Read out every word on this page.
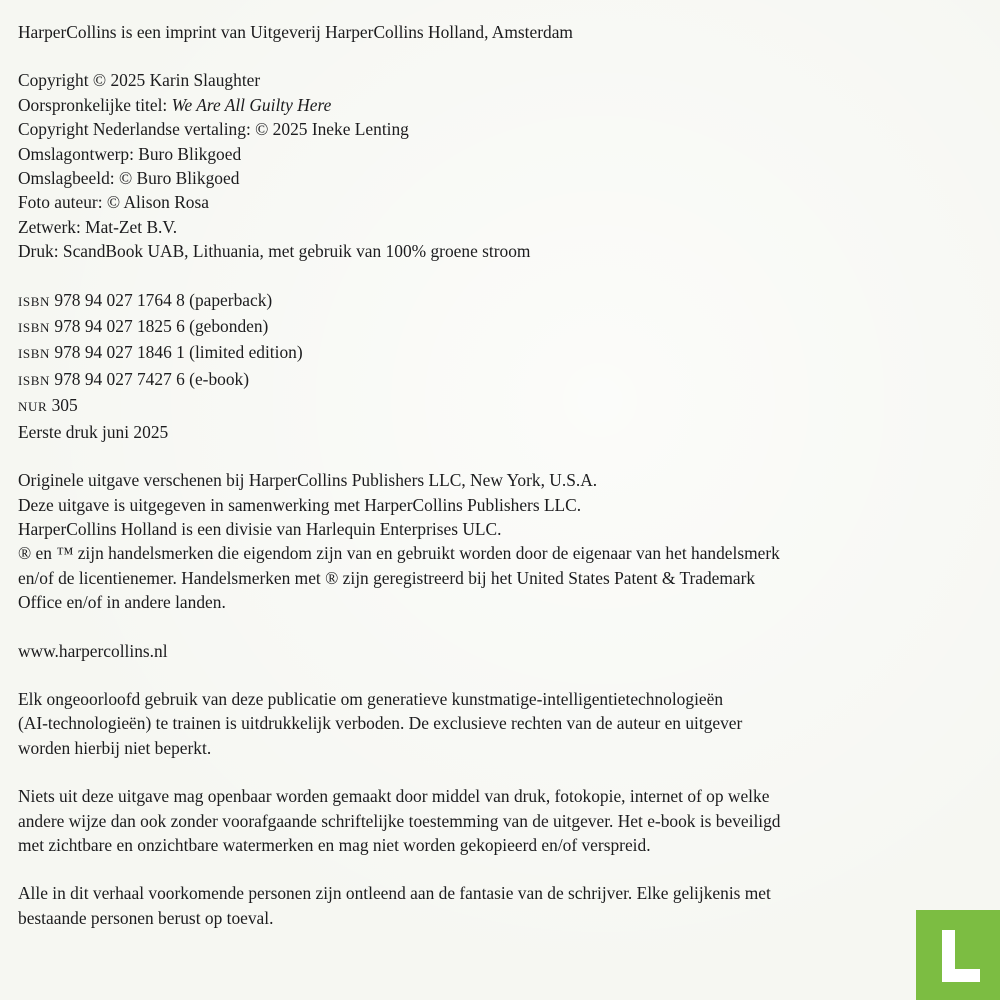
HarperCollins is een imprint van Uitgeverij HarperCollins Holland, Amsterdam
Copyright © 2025 Karin Slaughter
Oorspronkelijke titel: We Are All Guilty Here
Copyright Nederlandse vertaling: © 2025 Ineke Lenting
Omslagontwerp: Buro Blikgoed
Omslagbeeld: © Buro Blikgoed
Foto auteur: © Alison Rosa
Zetwerk: Mat-Zet B.V.
Druk: ScandBook UAB, Lithuania, met gebruik van 100% groene stroom
ISBN 978 94 027 1764 8 (paperback)
ISBN 978 94 027 1825 6 (gebonden)
ISBN 978 94 027 1846 1 (limited edition)
ISBN 978 94 027 7427 6 (e-book)
NUR 305
Eerste druk juni 2025
Originele uitgave verschenen bij HarperCollins Publishers LLC, New York, U.S.A.
Deze uitgave is uitgegeven in samenwerking met HarperCollins Publishers LLC.
HarperCollins Holland is een divisie van Harlequin Enterprises ULC.
® en ™ zijn handelsmerken die eigendom zijn van en gebruikt worden door de eigenaar van het handelsmerk
en/of de licentienemer. Handelsmerken met ® zijn geregistreerd bij het United States Patent & Trademark
Office en/of in andere landen.
www.harpercollins.nl
Elk ongeoorloofd gebruik van deze publicatie om generatieve kunstmatige-intelligentietechnologieën
(AI-technologieën) te trainen is uitdrukkelijk verboden. De exclusieve rechten van de auteur en uitgever
worden hierbij niet beperkt.
Niets uit deze uitgave mag openbaar worden gemaakt door middel van druk, fotokopie, internet of op welke
andere wijze dan ook zonder voorafgaande schriftelijke toestemming van de uitgever. Het e-book is beveiligd
met zichtbare en onzichtbare watermerken en mag niet worden gekopieerd en/of verspreid.
Alle in dit verhaal voorkomende personen zijn ontleend aan de fantasie van de schrijver. Elke gelijkenis met
bestaande personen berust op toeval.
